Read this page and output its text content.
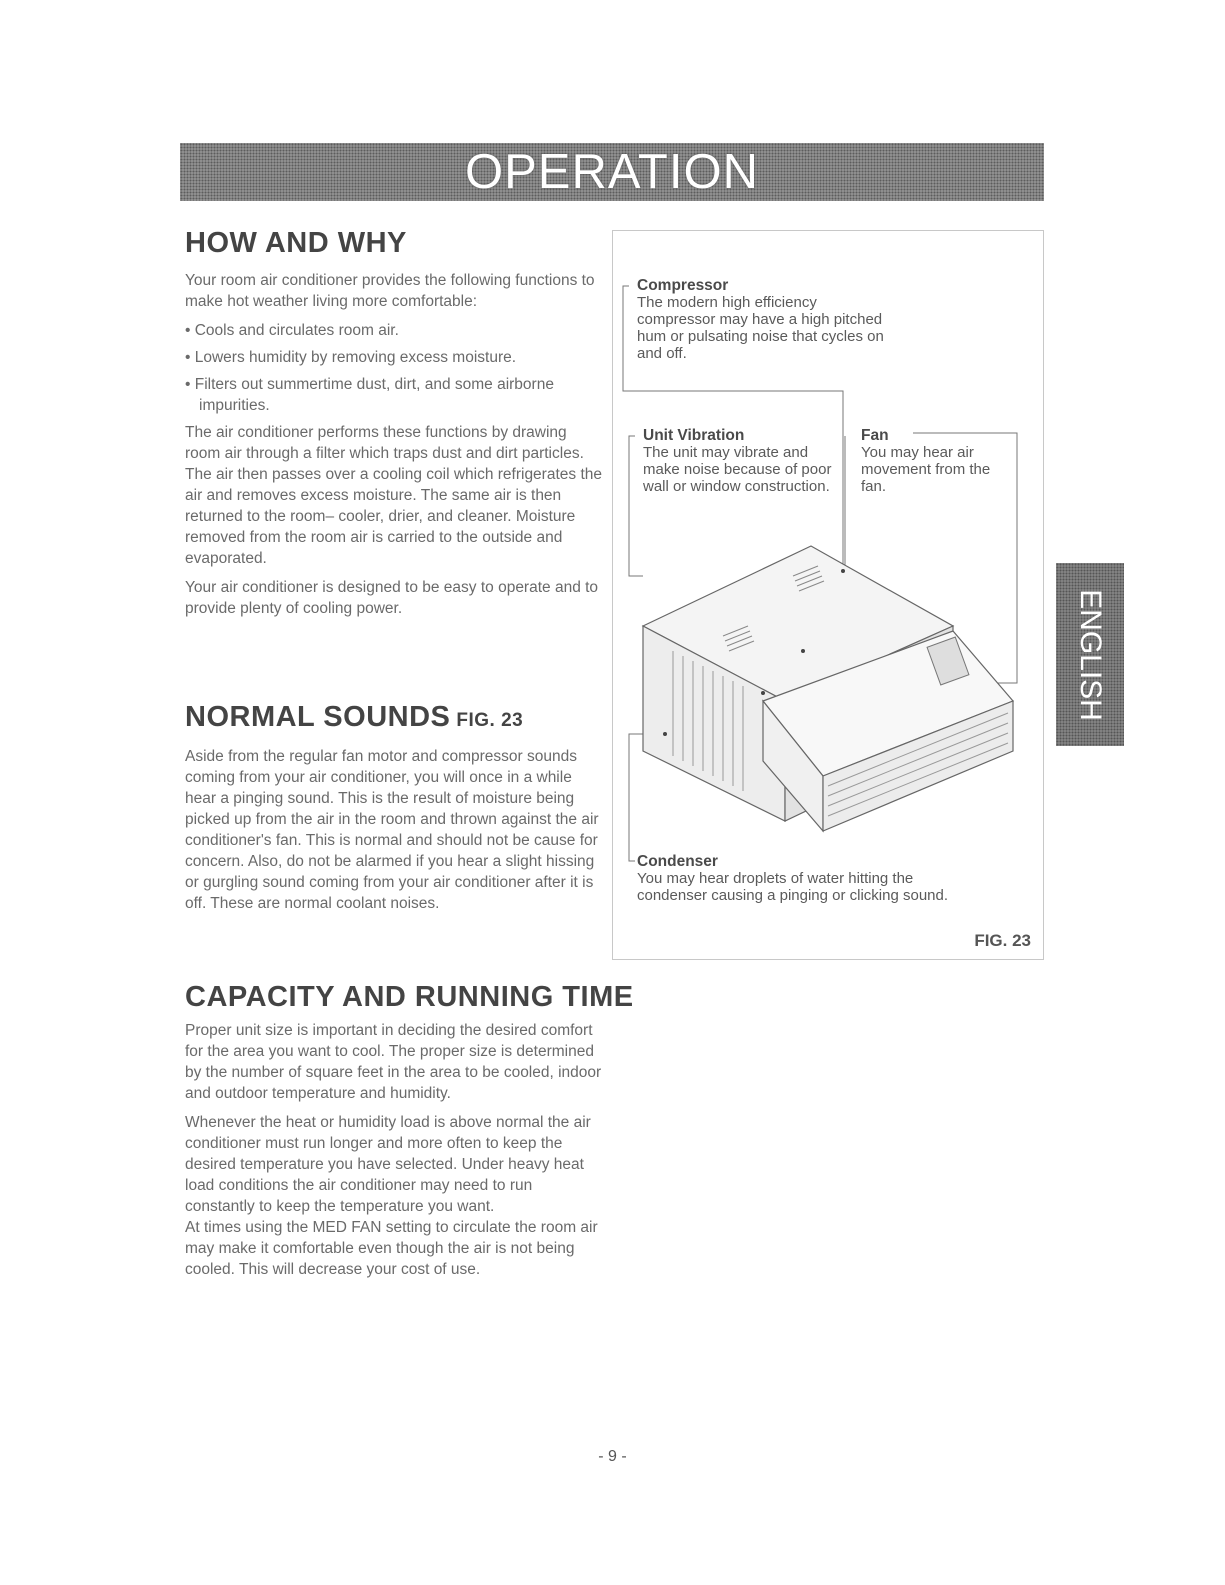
OPERATION
ENGLISH
HOW AND WHY

Your room air conditioner provides the following functions to make hot weather living more comfortable:

• Cools and circulates room air.
• Lowers humidity by removing excess moisture.
• Filters out summertime dust, dirt, and some airborne impurities.

The air conditioner performs these functions by drawing room air through a filter which traps dust and dirt particles. The air then passes over a cooling coil which refrigerates the air and removes excess moisture. The same air is then returned to the room– cooler, drier, and cleaner. Moisture removed from the room air is carried to the outside and evaporated.

Your air conditioner is designed to be easy to operate and to provide plenty of cooling power.

NORMAL SOUNDS FIG. 23

Aside from the regular fan motor and compressor sounds coming from your air conditioner, you will once in a while hear a pinging sound. This is the result of moisture being picked up from the air in the room and thrown against the air conditioner's fan. This is normal and should not be cause for concern. Also, do not be alarmed if you hear a slight hissing or gurgling sound coming from your air conditioner after it is off. These are normal coolant noises.

CAPACITY AND RUNNING TIME

Proper unit size is important in deciding the desired comfort for the area you want to cool. The proper size is determined by the number of square feet in the area to be cooled, indoor and outdoor temperature and humidity.

Whenever the heat or humidity load is above normal the air conditioner must run longer and more often to keep the desired temperature you have selected. Under heavy heat load conditions the air conditioner may need to run constantly to keep the temperature you want.

At times using the MED FAN setting to circulate the room air may make it comfortable even though the air is not being cooled. This will decrease your cost of use.

Compressor
The modern high efficiency compressor may have a high pitched hum or pulsating noise that cycles on and off.
Unit Vibration
The unit may vibrate and make noise because of poor wall or window construction.
Fan
You may hear air movement from the fan.
Condenser
You may hear droplets of water hitting the condenser causing a pinging or clicking sound.
FIG. 23
- 9 -
